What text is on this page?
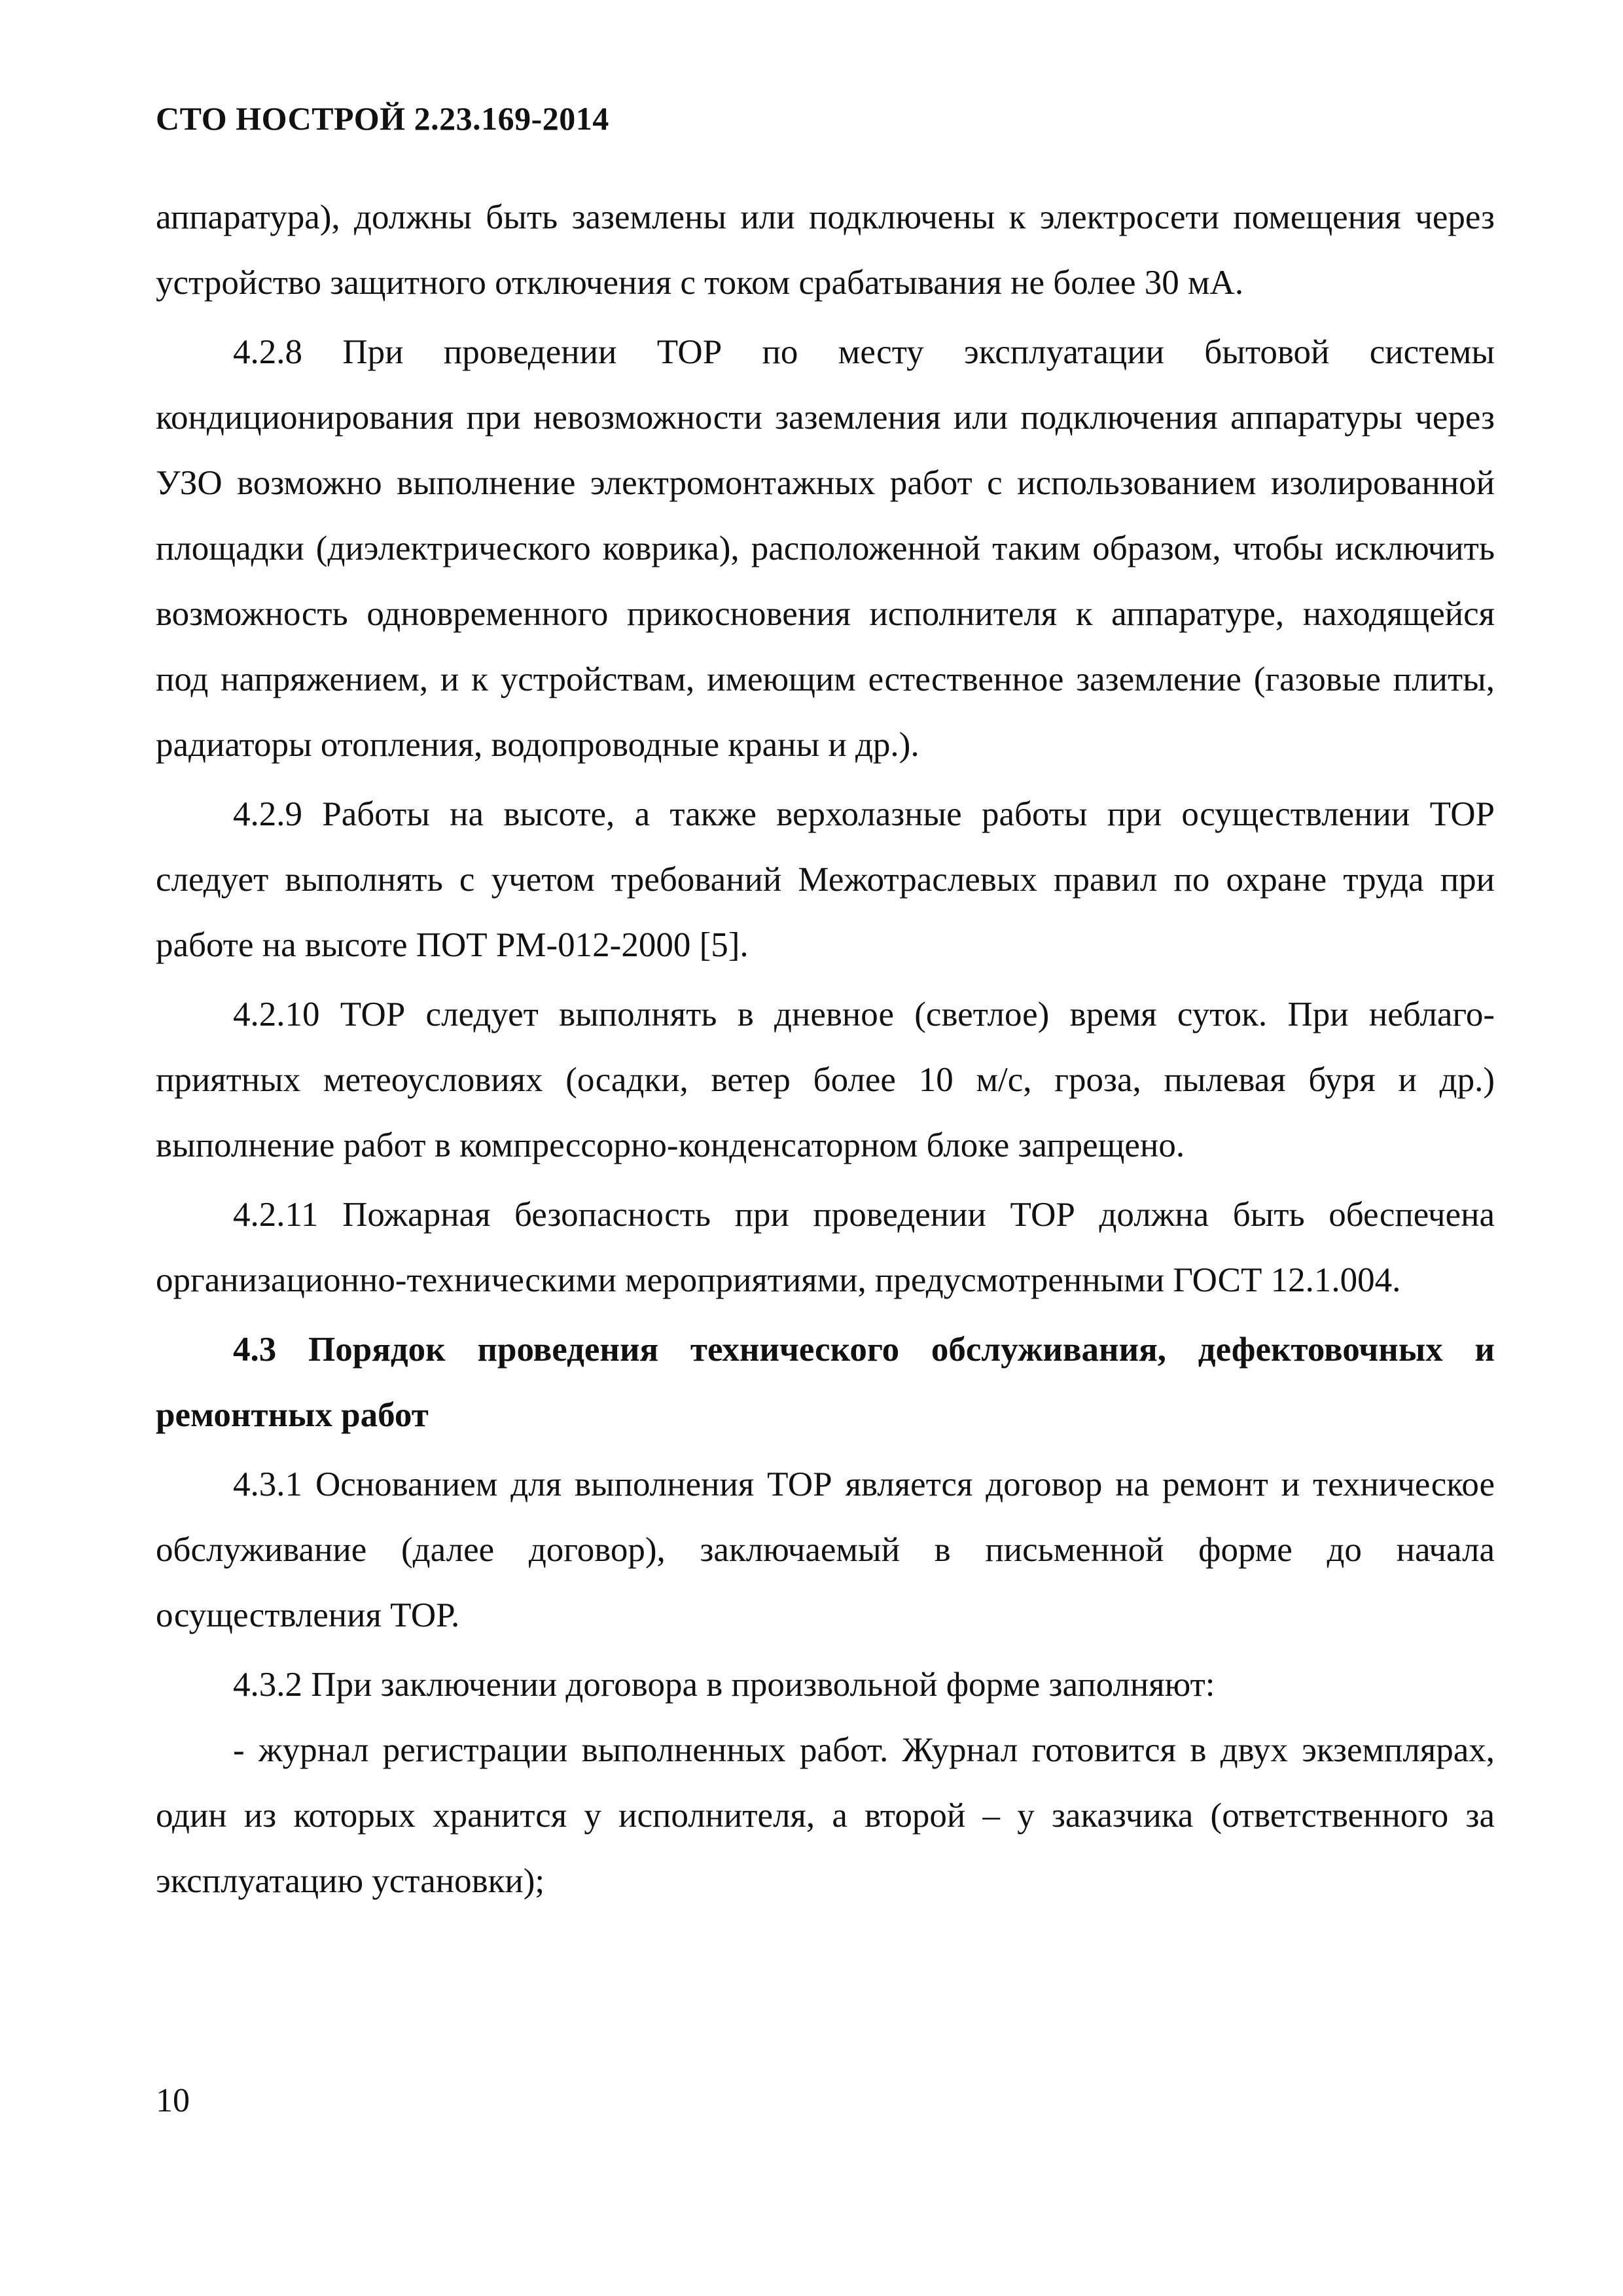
СТО НОСТРОЙ 2.23.169-2014

аппаратура), должны быть заземлены или подключены к электросети помещения через устройство защитного отключения с током срабатывания не более 30 мА.

4.2.8 При проведении ТОР по месту эксплуатации бытовой системы кондиционирования при невозможности заземления или подключения аппаратуры через УЗО возможно выполнение электромонтажных работ с использованием изолированной площадки (диэлектрического коврика), расположенной таким образом, чтобы исключить возможность одновременного прикосновения исполнителя к аппаратуре, находящейся под напряжением, и к устройствам, имеющим естественное заземление (газовые плиты, радиаторы отопления, водопроводные краны и др.).

4.2.9 Работы на высоте, а также верхолазные работы при осуществлении ТОР следует выполнять с учетом требований Межотраслевых правил по охране труда при работе на высоте ПОТ РМ-012-2000 [5].

4.2.10 ТОР следует выполнять в дневное (светлое) время суток. При неблагоприятных метеоусловиях (осадки, ветер более 10 м/с, гроза, пылевая буря и др.) выполнение работ в компрессорно-конденсаторном блоке запрещено.

4.2.11 Пожарная безопасность при проведении ТОР должна быть обеспечена организационно-техническими мероприятиями, предусмотренными ГОСТ 12.1.004.

4.3 Порядок проведения технического обслуживания, дефектовочных и ремонтных работ

4.3.1 Основанием для выполнения ТОР является договор на ремонт и техническое обслуживание (далее договор), заключаемый в письменной форме до начала осуществления ТОР.

4.3.2 При заключении договора в произвольной форме заполняют:

- журнал регистрации выполненных работ. Журнал готовится в двух экземплярах, один из которых хранится у исполнителя, а второй – у заказчика (ответственного за эксплуатацию установки);

10
